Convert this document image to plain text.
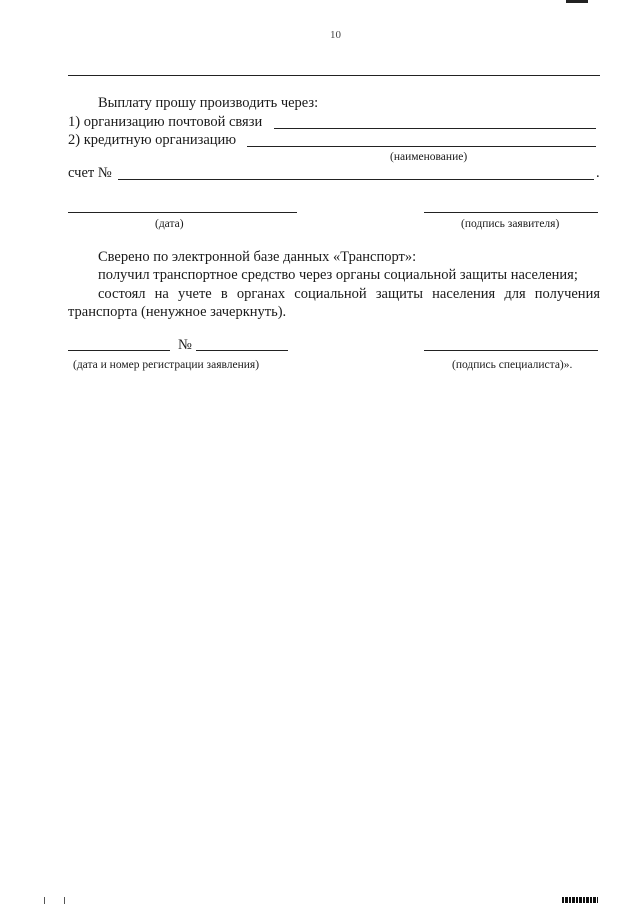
10
Выплату прошу производить через:
1) организацию почтовой связи
2) кредитную организацию
(наименование)
счет №	.
(дата)	(подпись заявителя)
Сверено по электронной базе данных «Транспорт»:
получил транспортное средство через органы социальной защиты населения;
состоял на учете в органах социальной защиты населения для получения
транспорта (ненужное зачеркнуть).
№
(дата и номер регистрации заявления)	(подпись специалиста)».
